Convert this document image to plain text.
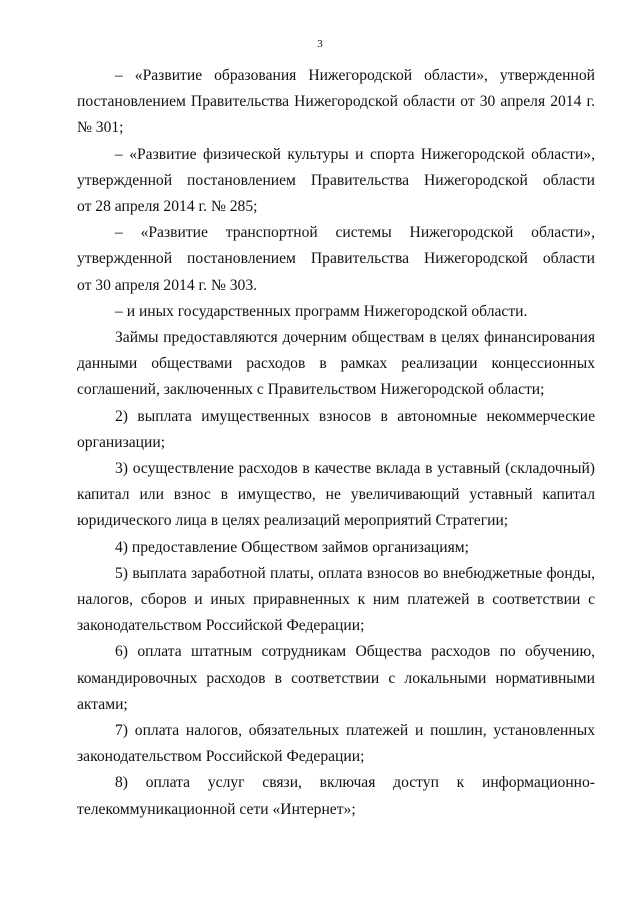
3
– «Развитие образования Нижегородской области», утвержденной
постановлением Правительства Нижегородской области от 30 апреля 2014 г.
№ 301;
– «Развитие физической культуры и спорта Нижегородской области»,
утвержденной постановлением Правительства Нижегородской области
от 28 апреля 2014 г. № 285;
– «Развитие транспортной системы Нижегородской области»,
утвержденной постановлением Правительства Нижегородской области
от 30 апреля 2014 г. № 303.
– и иных государственных программ Нижегородской области.
Займы предоставляются дочерним обществам в целях финансирования
данными обществами расходов в рамках реализации концессионных
соглашений, заключенных с Правительством Нижегородской области;
2) выплата имущественных взносов в автономные некоммерческие
организации;
3) осуществление расходов в качестве вклада в уставный (складочный)
капитал или взнос в имущество, не увеличивающий уставный капитал
юридического лица в целях реализаций мероприятий Стратегии;
4) предоставление Обществом займов организациям;
5) выплата заработной платы, оплата взносов во внебюджетные фонды,
налогов, сборов и иных приравненных к ним платежей в соответствии с
законодательством Российской Федерации;
6) оплата штатным сотрудникам Общества расходов по обучению,
командировочных расходов в соответствии с локальными нормативными
актами;
7) оплата налогов, обязательных платежей и пошлин, установленных
законодательством Российской Федерации;
8) оплата услуг связи, включая доступ к информационно-
телекоммуникационной сети «Интернет»;
